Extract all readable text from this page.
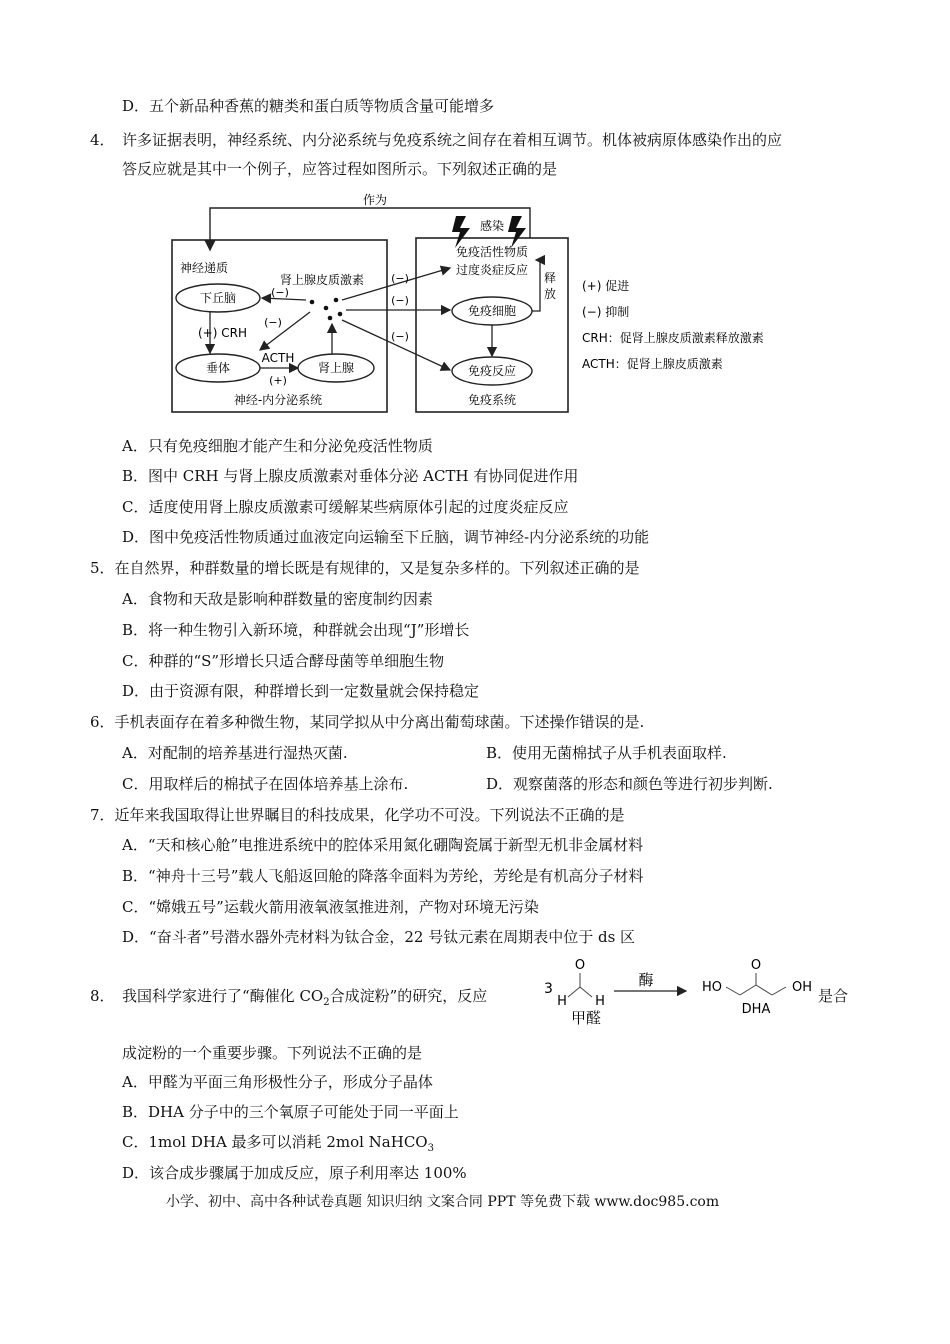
D．五个新品种香蕉的糖类和蛋白质等物质含量可能增多
4． 许多证据表明，神经系统、内分泌系统与免疫系统之间存在着相互调节。机体被病原体感染作出的应
答反应就是其中一个例子，应答过程如图所示。下列叙述正确的是
作为
感染
神经递质
下丘脑
肾上腺皮质激素
(−)
(−)
(+) CRH
垂体
ACTH
(+)
肾上腺
神经-内分泌系统
(−)
(−)
(−)
免疫活性物质
过度炎症反应
释
放
免疫细胞
免疫反应
免疫系统
(+) 促进
(−) 抑制
CRH：促肾上腺皮质激素释放激素
ACTH：促肾上腺皮质激素
A．只有免疫细胞才能产生和分泌免疫活性物质
B．图中 CRH 与肾上腺皮质激素对垂体分泌 ACTH 有协同促进作用
C．适度使用肾上腺皮质激素可缓解某些病原体引起的过度炎症反应
D．图中免疫活性物质通过血液定向运输至下丘脑，调节神经-内分泌系统的功能
5．在自然界，种群数量的增长既是有规律的，又是复杂多样的。下列叙述正确的是
A．食物和天敌是影响种群数量的密度制约因素
B．将一种生物引入新环境，种群就会出现“J”形增长
C．种群的“S”形增长只适合酵母菌等单细胞生物
D．由于资源有限，种群增长到一定数量就会保持稳定
6．手机表面存在着多种微生物，某同学拟从中分离出葡萄球菌。下述操作错误的是.
A．对配制的培养基进行湿热灭菌.	B．使用无菌棉拭子从手机表面取样.
C．用取样后的棉拭子在固体培养基上涂布.	D．观察菌落的形态和颜色等进行初步判断.
7．近年来我国取得让世界瞩目的科技成果，化学功不可没。下列说法不正确的是
A．“天和核心舱”电推进系统中的腔体采用氮化硼陶瓷属于新型无机非金属材料
B．“神舟十三号”载人飞船返回舱的降落伞面料为芳纶，芳纶是有机高分子材料
C．“嫦娥五号”运载火箭用液氧液氢推进剂，产物对环境无污染
D．“奋斗者”号潜水器外壳材料为钛合金，22 号钛元素在周期表中位于 ds 区
8． 我国科学家进行了“酶催化 $CO_2$合成淀粉”的研究，反应	3
O
H H
甲醛
酶	HO
O
OH
DHA
是合
成淀粉的一个重要步骤。下列说法不正确的是
A．甲醛为平面三角形极性分子，形成分子晶体
B．DHA 分子中的三个氧原子可能处于同一平面上
C．1mol DHA 最多可以消耗 2mol NaHCO$_3$
D．该合成步骤属于加成反应，原子利用率达 100%
小学、初中、高中各种试卷真题 知识归纳 文案合同 PPT 等免费下载 www.doc985.com
